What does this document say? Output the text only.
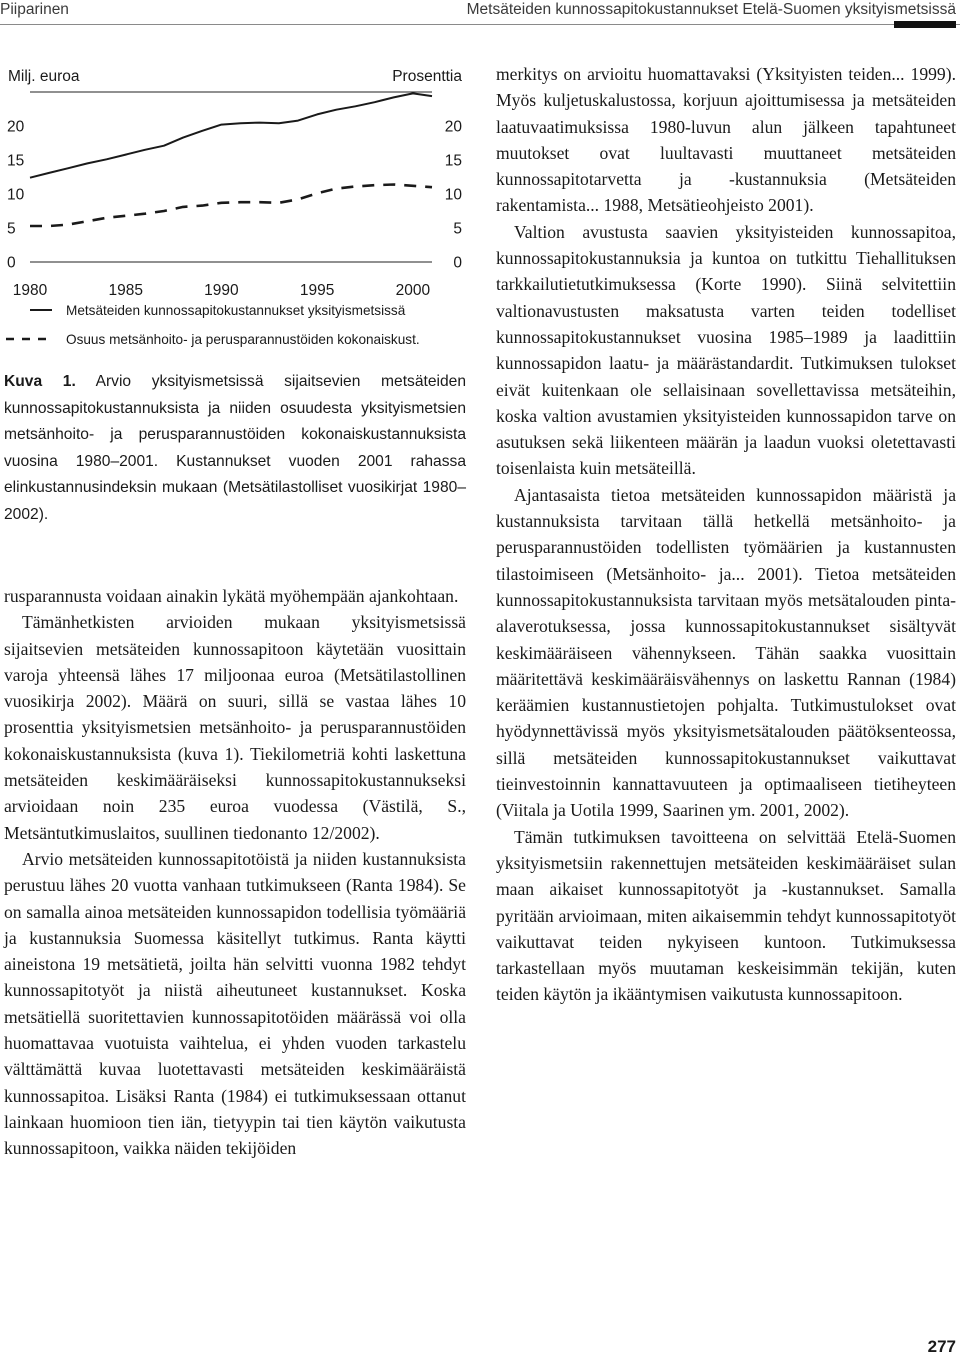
Piiparinen	Metsäteiden kunnossapitokustannukset Etelä-Suomen yksityismetsissä
Milj. euroa	Prosenttia
0
5
10
15
20
0
5
10
15
20
1980	1985	1990	1995	2000
Metsäteiden kunnossapitokustannukset yksityismetsissä
Osuus metsänhoito- ja perusparannustöiden kokonaiskust.
Kuva 1. Arvio yksityismetsissä sijaitsevien metsäteiden kunnossapitokustannuksista ja niiden osuudesta yksityismetsien metsänhoito- ja perusparannustöiden kokonaiskustannuksista vuosina 1980–2001. Kustannukset vuoden 2001 rahassa elinkustannusindeksin mukaan (Metsätilastolliset vuosikirjat 1980–2002).

rusparannusta voidaan ainakin lykätä myöhempään ajankohtaan.

Tämänhetkisten arvioiden mukaan yksityismetsissä sijaitsevien metsäteiden kunnossapitoon käytetään vuosittain varoja yhteensä lähes 17 miljoonaa euroa (Metsätilastollinen vuosikirja 2002). Määrä on suuri, sillä se vastaa lähes 10 prosenttia yksityismetsien metsänhoito- ja perusparannustöiden kokonaiskustannuksista (kuva 1). Tiekilometriä kohti laskettuna metsäteiden keskimääräiseksi kunnossapitokustannukseksi arvioidaan noin 235 euroa vuodessa (Västilä, S., Metsäntutkimuslaitos, suullinen tiedonanto 12/2002).

Arvio metsäteiden kunnossapitotöistä ja niiden kustannuksista perustuu lähes 20 vuotta vanhaan tutkimukseen (Ranta 1984). Se on samalla ainoa metsäteiden kunnossapidon todellisia työmääriä ja kustannuksia Suomessa käsitellyt tutkimus. Ranta käytti aineistona 19 metsätietä, joilta hän selvitti vuonna 1982 tehdyt kunnossapitotyöt ja niistä aiheutuneet kustannukset. Koska metsätiellä suoritettavien kunnossapitotöiden määrässä voi olla huomattavaa vuotuista vaihtelua, ei yhden vuoden tarkastelu välttämättä kuvaa luotettavasti metsäteiden keskimääräistä kunnossapitoa. Lisäksi Ranta (1984) ei tutkimuksessaan ottanut lainkaan huomioon tien iän, tietyypin tai tien käytön vaikutusta kunnossapitoon, vaikka näiden tekijöiden

merkitys on arvioitu huomattavaksi (Yksityisten teiden... 1999). Myös kuljetuskalustossa, korjuun ajoittumisessa ja metsäteiden laatuvaatimuksissa 1980-luvun alun jälkeen tapahtuneet muutokset ovat luultavasti muuttaneet metsäteiden kunnossapitotarvetta ja -kustannuksia (Metsäteiden rakentamista... 1988, Metsätieohjeisto 2001).

Valtion avustusta saavien yksityisteiden kunnossapitoa, kunnossapitokustannuksia ja kuntoa on tutkittu Tiehallituksen tarkkailutietutkimuksessa (Korte 1990). Siinä selvitettiin valtionavustusten maksatusta varten teiden todelliset kunnossapitokustannukset vuosina 1985–1989 ja laadittiin kunnossapidon laatu- ja määrästandardit. Tutkimuksen tulokset eivät kuitenkaan ole sellaisinaan sovellettavissa metsäteihin, koska valtion avustamien yksityisteiden kunnossapidon tarve on asutuksen sekä liikenteen määrän ja laadun vuoksi oletettavasti toisenlaista kuin metsäteillä.

Ajantasaista tietoa metsäteiden kunnossapidon määristä ja kustannuksista tarvitaan tällä hetkellä metsänhoito- ja perusparannustöiden todellisten työmäärien ja kustannusten tilastoimiseen (Metsänhoito- ja... 2001). Tietoa metsäteiden kunnossapitokustannuksista tarvitaan myös metsätalouden pinta-alaverotuksessa, jossa kunnossapitokustannukset sisältyvät keskimääräiseen vähennykseen. Tähän saakka vuosittain määritettävä keskimääräisvähennys on laskettu Rannan (1984) keräämien kustannustietojen pohjalta. Tutkimustulokset ovat hyödynnettävissä myös yksityismetsätalouden päätöksenteossa, sillä metsäteiden kunnossapitokustannukset vaikuttavat tieinvestoinnin kannattavuuteen ja optimaaliseen tietiheyteen (Viitala ja Uotila 1999, Saarinen ym. 2001, 2002).

Tämän tutkimuksen tavoitteena on selvittää Etelä-Suomen yksityismetsiin rakennettujen metsäteiden keskimääräiset sulan maan aikaiset kunnossapitotyöt ja -kustannukset. Samalla pyritään arvioimaan, miten aikaisemmin tehdyt kunnossapitotyöt vaikuttavat teiden nykyiseen kuntoon. Tutkimuksessa tarkastellaan myös muutaman keskeisimmän tekijän, kuten teiden käytön ja ikääntymisen vaikutusta kunnossapitoon.

277
